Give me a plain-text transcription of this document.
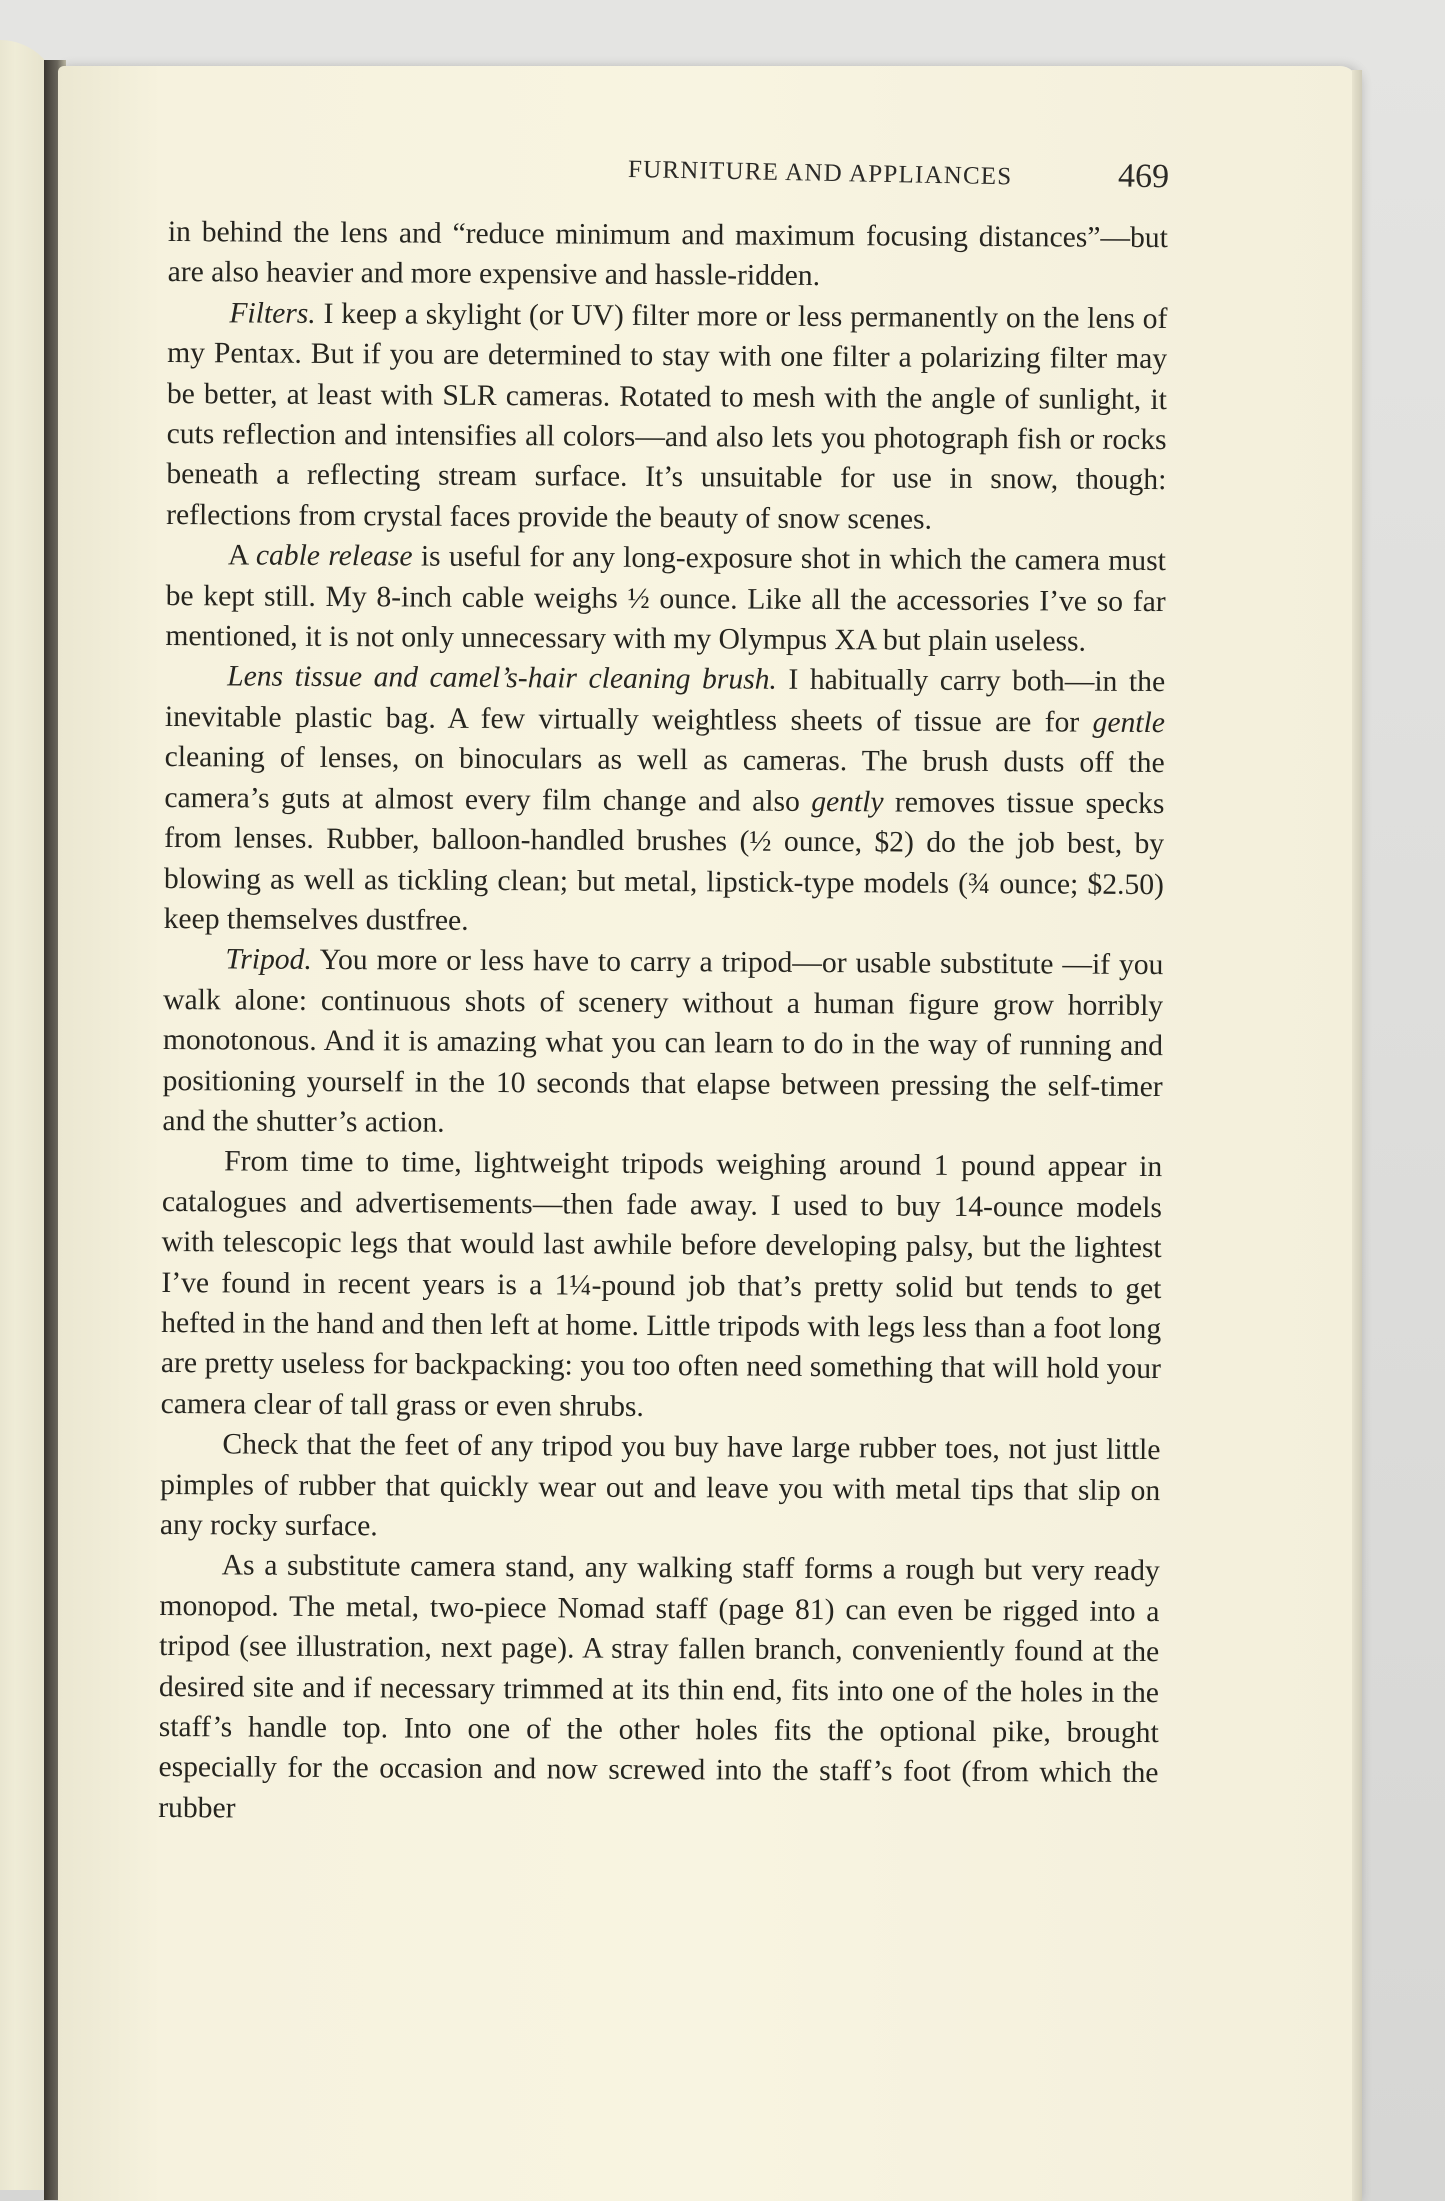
FURNITURE AND APPLIANCES	469

in behind the lens and “reduce minimum and maximum focusing distances”—but are also heavier and more expensive and hassle-ridden.

Filters. I keep a skylight (or UV) filter more or less permanently on the lens of my Pentax. But if you are determined to stay with one filter a polarizing filter may be better, at least with SLR cameras. Rotated to mesh with the angle of sunlight, it cuts reflection and intensifies all colors—and also lets you photograph fish or rocks beneath a reflecting stream surface. It’s unsuitable for use in snow, though: reflections from crystal faces provide the beauty of snow scenes.

A cable release is useful for any long-exposure shot in which the camera must be kept still. My 8-inch cable weighs ½ ounce. Like all the accessories I’ve so far mentioned, it is not only unnecessary with my Olympus XA but plain useless.

Lens tissue and camel’s-hair cleaning brush. I habitually carry both—in the inevitable plastic bag. A few virtually weightless sheets of tissue are for gentle cleaning of lenses, on binoculars as well as cameras. The brush dusts off the camera’s guts at almost every film change and also gently removes tissue specks from lenses. Rubber, balloon-handled brushes (½ ounce, $2) do the job best, by blowing as well as tickling clean; but metal, lipstick-type models (¾ ounce; $2.50) keep themselves dustfree.

Tripod. You more or less have to carry a tripod—or usable substitute —if you walk alone: continuous shots of scenery without a human figure grow horribly monotonous. And it is amazing what you can learn to do in the way of running and positioning yourself in the 10 seconds that elapse between pressing the self-timer and the shutter’s action.

From time to time, lightweight tripods weighing around 1 pound appear in catalogues and advertisements—then fade away. I used to buy 14-ounce models with telescopic legs that would last awhile before developing palsy, but the lightest I’ve found in recent years is a 1¼-pound job that’s pretty solid but tends to get hefted in the hand and then left at home. Little tripods with legs less than a foot long are pretty useless for backpacking: you too often need something that will hold your camera clear of tall grass or even shrubs.

Check that the feet of any tripod you buy have large rubber toes, not just little pimples of rubber that quickly wear out and leave you with metal tips that slip on any rocky surface.

As a substitute camera stand, any walking staff forms a rough but very ready monopod. The metal, two-piece Nomad staff (page 81) can even be rigged into a tripod (see illustration, next page). A stray fallen branch, conveniently found at the desired site and if necessary trimmed at its thin end, fits into one of the holes in the staff’s handle top. Into one of the other holes fits the optional pike, brought especially for the occasion and now screwed into the staff’s foot (from which the rubber
